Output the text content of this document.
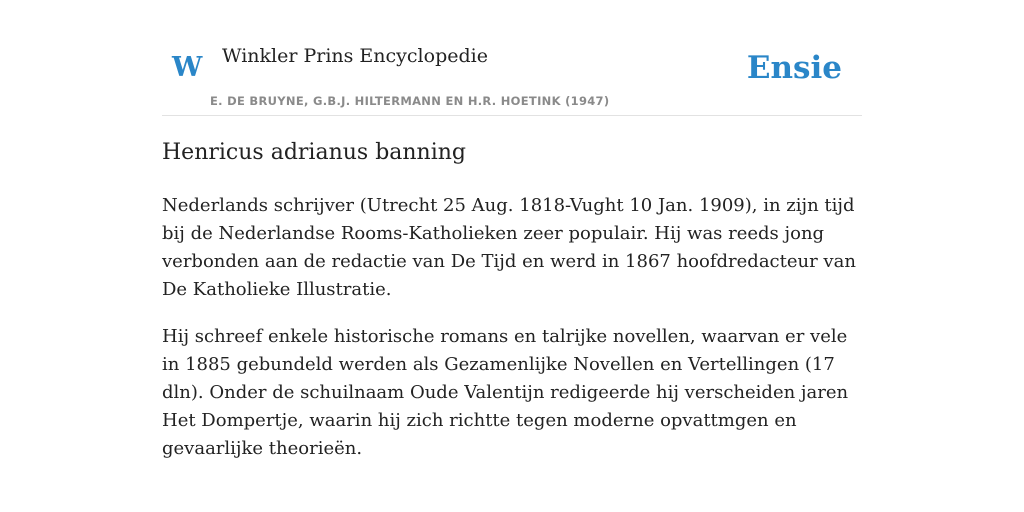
W Winkler Prins Encyclopedie	Ensie
E. DE BRUYNE, G.B.J. HILTERMANN EN H.R. HOETINK (1947)
Henricus adrianus banning

Nederlands schrijver (Utrecht 25 Aug. 1818-Vught 10 Jan. 1909), in zijn tijd bij de Nederlandse Rooms-Katholieken zeer populair. Hij was reeds jong verbonden aan de redactie van De Tijd en werd in 1867 hoofdredacteur van De Katholieke Illustratie.

Hij schreef enkele historische romans en talrijke novellen, waarvan er vele in 1885 gebundeld werden als Gezamenlijke Novellen en Vertellingen (17 dln). Onder de schuilnaam Oude Valentijn redigeerde hij verscheiden jaren Het Dompertje, waarin hij zich richtte tegen moderne opvattmgen en gevaarlijke theorieën.
